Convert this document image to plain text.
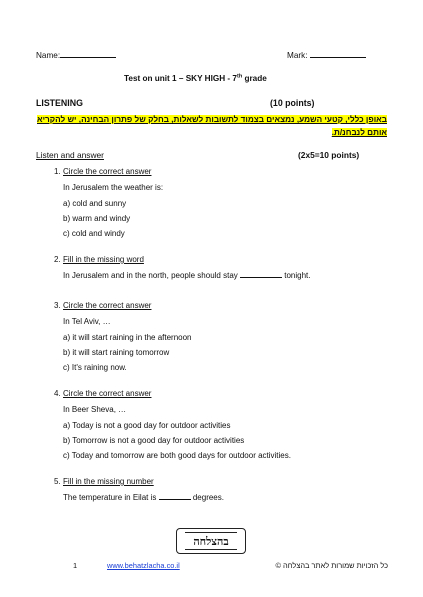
Name:	Mark:
Test on unit 1 – SKY HIGH - 7th grade
LISTENING	(10 points)
באופן כללי, קטעי השמע, נמצאים בצמוד לתשובות לשאלות, בחלק של פתרון הבחינה, יש להקריא
אותם לנבחנ/ת.
Listen and answer	(2x5=10 points)
1. Circle the correct answer
In Jerusalem the weather is:
a) cold and sunny
b) warm and windy
c) cold and windy
2. Fill in the missing word
In Jerusalem and in the north, people should stay	tonight.
3. Circle the correct answer
In Tel Aviv, …
a) it will start raining in the afternoon
b) it will start raining tomorrow
c) It's raining now.
4. Circle the correct answer
In Beer Sheva, …
a) Today is not a good day for outdoor activities
b) Tomorrow is not a good day for outdoor activities
c) Today and tomorrow are both good days for outdoor activities.
5. Fill in the missing number
The temperature in Eilat is	degrees.
בהצלחה
1	www.behatzlacha.co.il	כל הזכויות שמורות לאתר בהצלחה ©
